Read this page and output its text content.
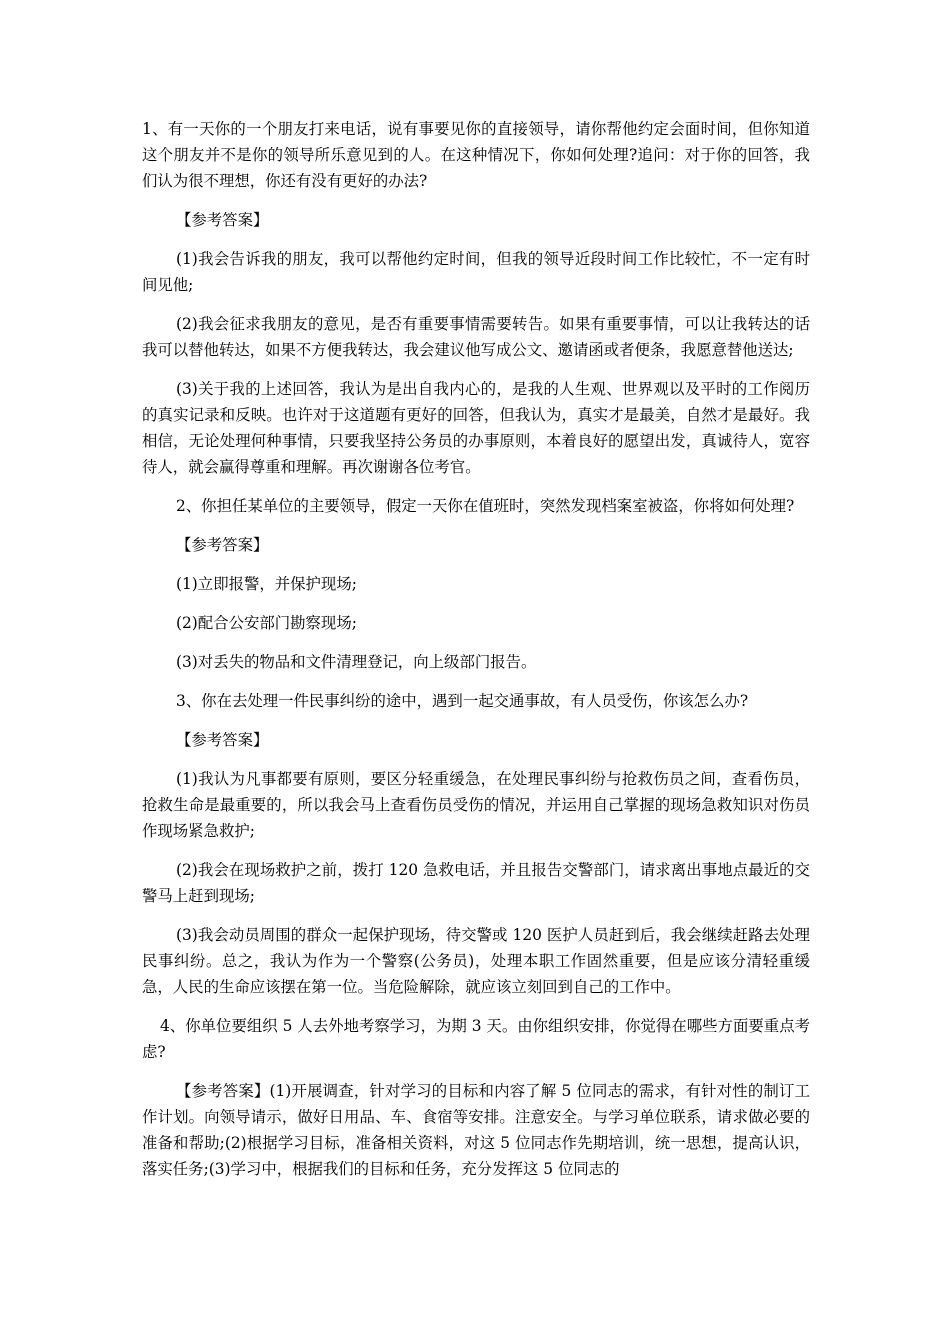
1、有一天你的一个朋友打来电话，说有事要见你的直接领导，请你帮他约定会面时间，但你知道这个朋友并不是你的领导所乐意见到的人。在这种情况下，你如何处理?追问：对于你的回答，我们认为很不理想，你还有没有更好的办法?

【参考答案】

(1)我会告诉我的朋友，我可以帮他约定时间，但我的领导近段时间工作比较忙，不一定有时间见他;

(2)我会征求我朋友的意见，是否有重要事情需要转告。如果有重要事情，可以让我转达的话我可以替他转达，如果不方便我转达，我会建议他写成公文、邀请函或者便条，我愿意替他送达;

(3)关于我的上述回答，我认为是出自我内心的，是我的人生观、世界观以及平时的工作阅历的真实记录和反映。也许对于这道题有更好的回答，但我认为，真实才是最美，自然才是最好。我相信，无论处理何种事情，只要我坚持公务员的办事原则，本着良好的愿望出发，真诚待人，宽容待人，就会赢得尊重和理解。再次谢谢各位考官。

2、你担任某单位的主要领导，假定一天你在值班时，突然发现档案室被盗，你将如何处理?

【参考答案】

(1)立即报警，并保护现场;

(2)配合公安部门勘察现场;

(3)对丢失的物品和文件清理登记，向上级部门报告。

3、你在去处理一件民事纠纷的途中，遇到一起交通事故，有人员受伤，你该怎么办?

【参考答案】

(1)我认为凡事都要有原则，要区分轻重缓急，在处理民事纠纷与抢救伤员之间，查看伤员，抢救生命是最重要的，所以我会马上查看伤员受伤的情况，并运用自己掌握的现场急救知识对伤员作现场紧急救护;

(2)我会在现场救护之前，拨打 120 急救电话，并且报告交警部门，请求离出事地点最近的交警马上赶到现场;

(3)我会动员周围的群众一起保护现场，待交警或 120 医护人员赶到后，我会继续赶路去处理民事纠纷。总之，我认为作为一个警察(公务员)，处理本职工作固然重要，但是应该分清轻重缓急，人民的生命应该摆在第一位。当危险解除，就应该立刻回到自己的工作中。

4、你单位要组织 5 人去外地考察学习，为期 3 天。由你组织安排，你觉得在哪些方面要重点考虑?

【参考答案】(1)开展调查，针对学习的目标和内容了解 5 位同志的需求，有针对性的制订工作计划。向领导请示，做好日用品、车、食宿等安排。注意安全。与学习单位联系，请求做必要的准备和帮助;(2)根据学习目标，准备相关资料，对这 5 位同志作先期培训，统一思想，提高认识，落实任务;(3)学习中，根据我们的目标和任务，充分发挥这 5 位同志的
